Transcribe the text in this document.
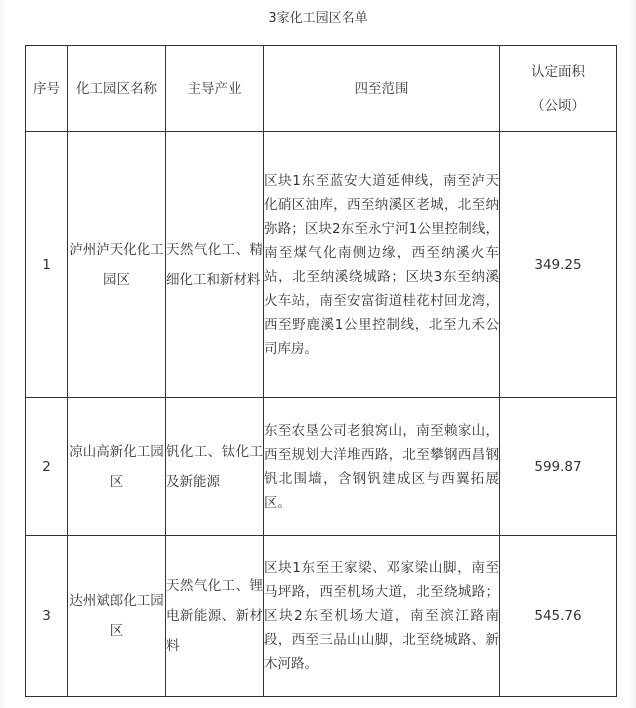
3家化工园区名单
序号	化工园区名称	主导产业	四至范围	认定面积
（公顷）

1	泸州泸天化化工园区	天然气化工、精细化工和新材料	区块1东至蓝安大道延伸线，南至泸天化硝区油库，西至纳溪区老城，北至纳弥路；区块2东至永宁河1公里控制线，南至煤气化南侧边缘，西至纳溪火车站，北至纳溪绕城路；区块3东至纳溪火车站，南至安富街道桂花村回龙湾，西至野鹿溪1公里控制线，北至九禾公司库房。	349.25
2	凉山高新化工园区	钒化工、钛化工及新能源	东至农垦公司老狼窝山，南至赖家山，西至规划大洋堆西路，北至攀钢西昌钢钒北围墙，含钢钒建成区与西翼拓展区。	599.87
3	达州斌郎化工园区	天然气化工、锂电新能源、新材料	区块1东至王家梁、邓家梁山脚，南至马坪路，西至机场大道，北至绕城路；区块2东至机场大道，南至滨江路南段，西至三品山山脚，北至绕城路、新木河路。	545.76
